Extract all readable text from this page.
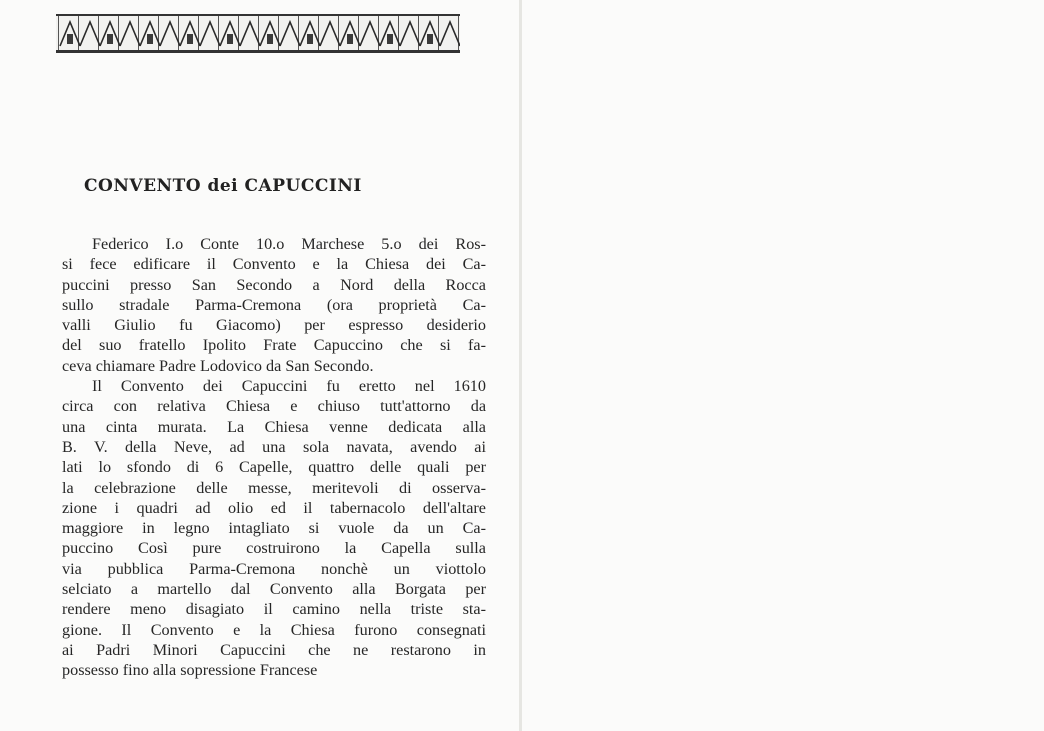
CONVENTO dei CAPUCCINI
Federico I.o Conte 10.o Marchese 5.o dei Ros-
si fece edificare il Convento e la Chiesa dei Ca-
puccini presso San Secondo a Nord della Rocca
sullo stradale Parma-Cremona (ora proprietà Ca-
valli Giulio fu Giacomo) per espresso desiderio
del suo fratello Ipolito Frate Capuccino che si fa-
ceva chiamare Padre Lodovico da San Secondo.
Il Convento dei Capuccini fu eretto nel 1610
circa con relativa Chiesa e chiuso tutt'attorno da
una cinta murata. La Chiesa venne dedicata alla
B. V. della Neve, ad una sola navata, avendo ai
lati lo sfondo di 6 Capelle, quattro delle quali per
la celebrazione delle messe, meritevoli di osserva-
zione i quadri ad olio ed il tabernacolo dell'altare
maggiore in legno intagliato si vuole da un Ca-
puccino Così pure costruirono la Capella sulla
via pubblica Parma-Cremona nonchè un viottolo
selciato a martello dal Convento alla Borgata per
rendere meno disagiato il camino nella triste sta-
gione. Il Convento e la Chiesa furono consegnati
ai Padri Minori Capuccini che ne restarono in
possesso fino alla sopressione Francese
